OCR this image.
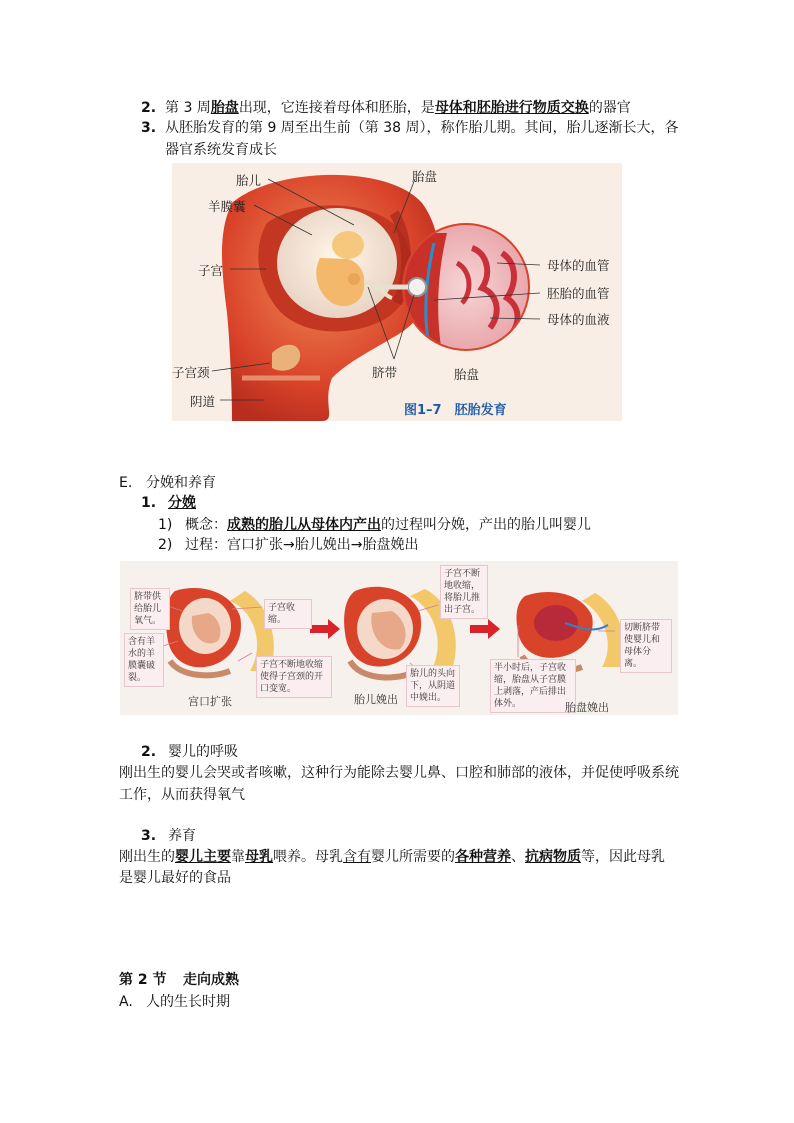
2. 第 3 周胎盘出现，它连接着母体和胚胎，是母体和胚胎进行物质交换的器官
3. 从胚胎发育的第 9 周至出生前（第 38 周），称作胎儿期。其间，胎儿逐渐长大，各
器官系统发育成长
胎儿	胎盘
羊膜囊
子宫	母体的血管
胚胎的血管
母体的血液
子宫颈	脐带	胎盘
阴道
图1–7　胚胎发育
E. 分娩和养育
1. 分娩
1) 概念：成熟的胎儿从母体内产出的过程叫分娩，产出的胎儿叫婴儿
2) 过程：宫口扩张→胎儿娩出→胎盘娩出
脐带供给胎儿氧气。
含有羊水的羊膜囊破裂。
子宫收缩。
子宫不断地收缩使得子宫颈的开口变宽。
子宫不断地收缩，将胎儿推出子宫。
胎儿的头向下，从阴道中娩出。
半小时后，子宫收缩，胎盘从子宫膜上剥落，产后排出体外。
切断脐带使婴儿和母体分离。
宫口扩张	胎儿娩出
胎盘娩出
2. 婴儿的呼吸
刚出生的婴儿会哭或者咳嗽，这种行为能除去婴儿鼻、口腔和肺部的液体，并促使呼吸系统
工作，从而获得氧气
3. 养育
刚出生的婴儿主要靠母乳喂养。母乳含有婴儿所需要的各种营养、抗病物质等，因此母乳
是婴儿最好的食品
第 2 节 走向成熟
A. 人的生长时期
